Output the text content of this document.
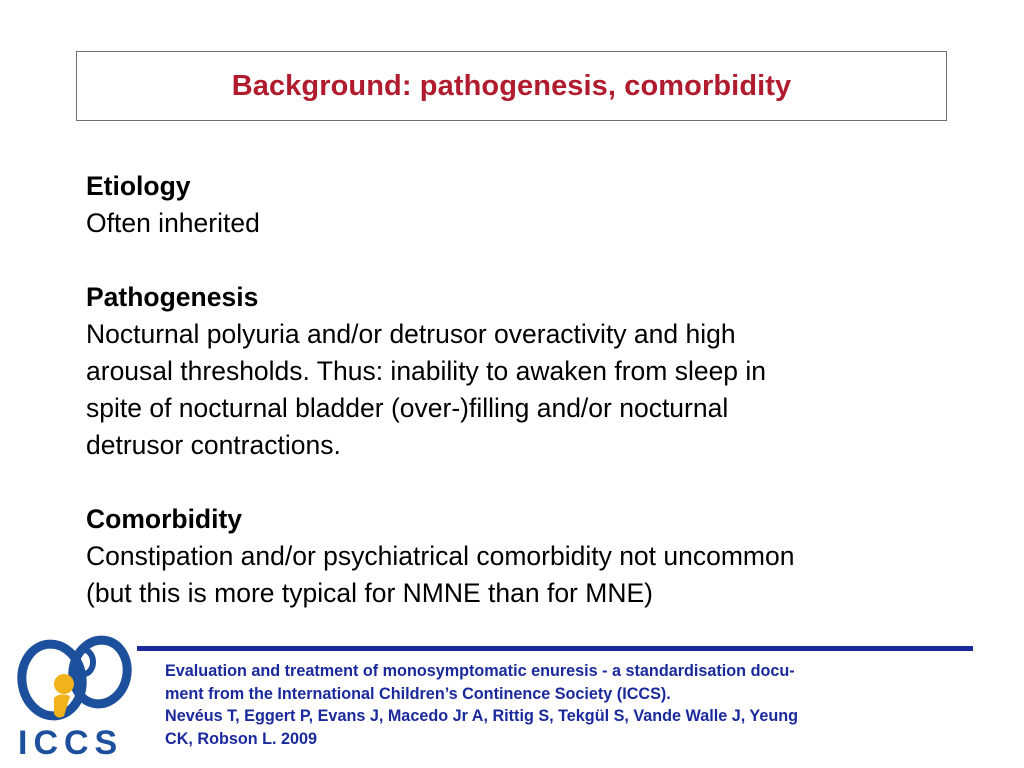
Background: pathogenesis, comorbidity
Etiology
Often inherited
Pathogenesis
Nocturnal polyuria and/or detrusor overactivity and high
arousal thresholds. Thus: inability to awaken from sleep in
spite of nocturnal bladder (over-)filling and/or nocturnal
detrusor contractions.
Comorbidity
Constipation and/or psychiatrical comorbidity not uncommon
(but this is more typical for NMNE than for MNE)
ICCS
Evaluation and treatment of monosymptomatic enuresis - a standardisation docu-
ment from the International Children’s Continence Society (ICCS).
Nevéus T, Eggert P, Evans J, Macedo Jr A, Rittig S, Tekgül S, Vande Walle J, Yeung
CK, Robson L. 2009
